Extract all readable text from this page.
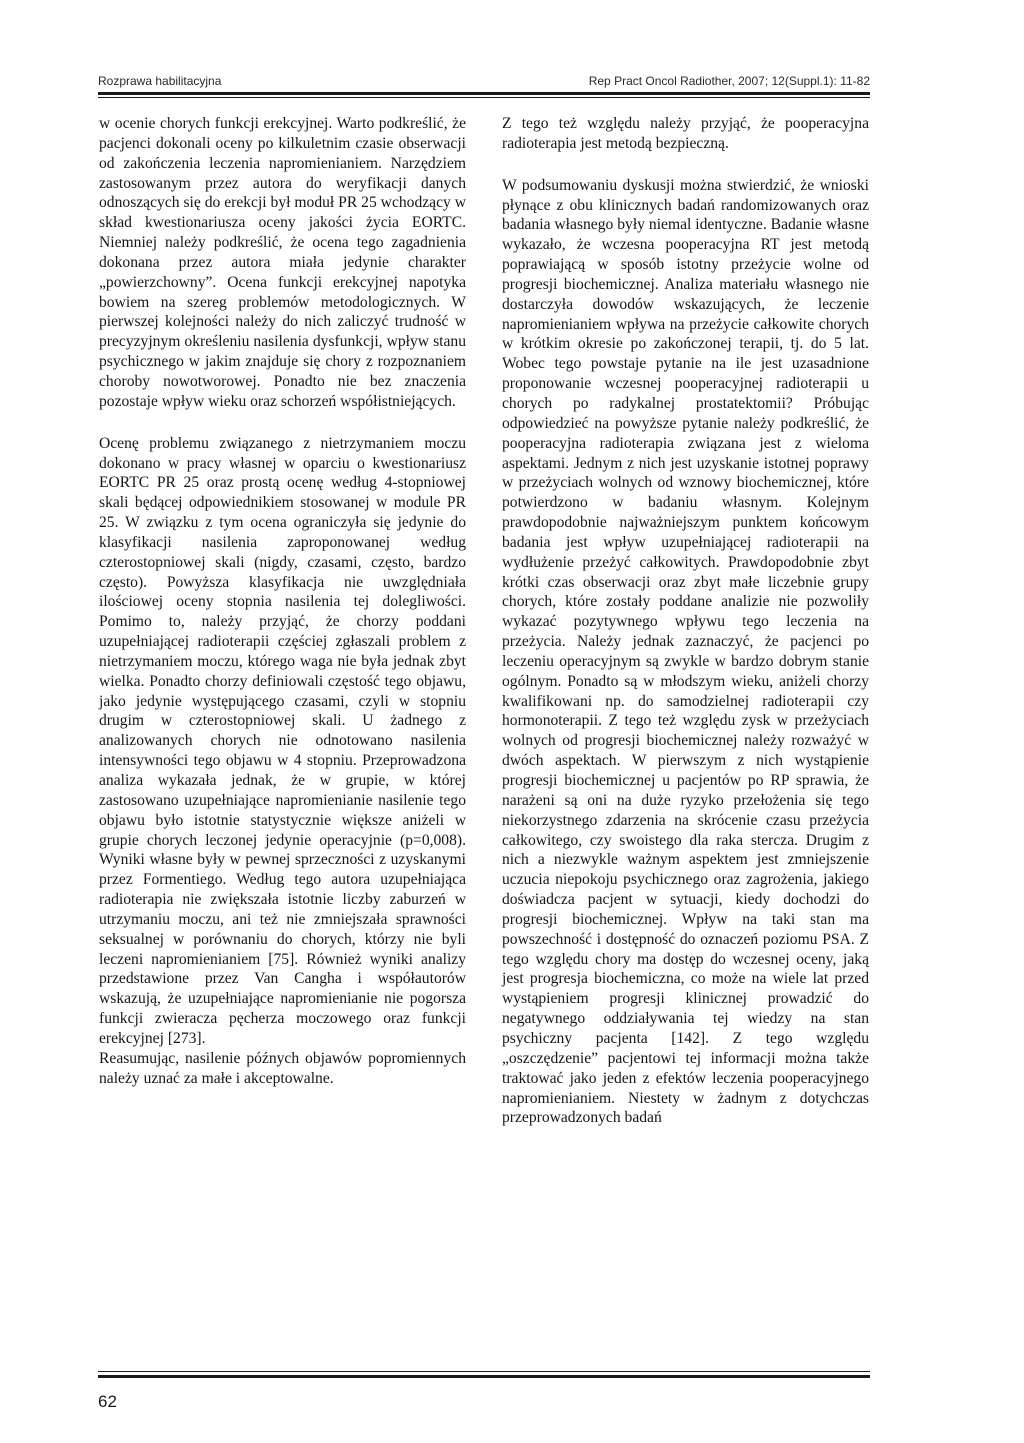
Rozprawa habilitacyjna	Rep Pract Oncol Radiother, 2007; 12(Suppl.1): 11-82

w ocenie chorych funkcji erekcyjnej. Warto podkreślić, że pacjenci dokonali oceny po kilkuletnim czasie obserwacji od zakończenia leczenia napromienianiem. Narzędziem zastosowanym przez autora do weryfikacji danych odnoszących się do erekcji był moduł PR 25 wchodzący w skład kwestionariusza oceny jakości życia EORTC. Niemniej należy podkreślić, że ocena tego zagadnienia dokonana przez autora miała jedynie charakter „powierzchowny”. Ocena funkcji erekcyjnej napotyka bowiem na szereg problemów metodologicznych. W pierwszej kolejności należy do nich zaliczyć trudność w precyzyjnym określeniu nasilenia dysfunkcji, wpływ stanu psychicznego w jakim znajduje się chory z rozpoznaniem choroby nowotworowej. Ponadto nie bez znaczenia pozostaje wpływ wieku oraz schorzeń współistniejących.

Ocenę problemu związanego z nietrzymaniem moczu dokonano w pracy własnej w oparciu o kwestionariusz EORTC PR 25 oraz prostą ocenę według 4-stopniowej skali będącej odpowiednikiem stosowanej w module PR 25. W związku z tym ocena ograniczyła się jedynie do klasyfikacji nasilenia zaproponowanej według czterostopniowej skali (nigdy, czasami, często, bardzo często). Powyższa klasyfikacja nie uwzględniała ilościowej oceny stopnia nasilenia tej dolegliwości. Pomimo to, należy przyjąć, że chorzy poddani uzupełniającej radioterapii częściej zgłaszali problem z nietrzymaniem moczu, którego waga nie była jednak zbyt wielka. Ponadto chorzy definiowali częstość tego objawu, jako jedynie występującego czasami, czyli w stopniu drugim w czterostopniowej skali. U żadnego z analizowanych chorych nie odnotowano nasilenia intensywności tego objawu w 4 stopniu. Przeprowadzona analiza wykazała jednak, że w grupie, w której zastosowano uzupełniające napromienianie nasilenie tego objawu było istotnie statystycznie większe aniżeli w grupie chorych leczonej jedynie operacyjnie (p=0,008). Wyniki własne były w pewnej sprzeczności z uzyskanymi przez Formentiego. Według tego autora uzupełniająca radioterapia nie zwiększała istotnie liczby zaburzeń w utrzymaniu moczu, ani też nie zmniejszała sprawności seksualnej w porównaniu do chorych, którzy nie byli leczeni napromienianiem [75]. Również wyniki analizy przedstawione przez Van Cangha i współautorów wskazują, że uzupełniające napromienianie nie pogorsza funkcji zwieracza pęcherza moczowego oraz funkcji erekcyjnej [273].

Reasumując, nasilenie późnych objawów popromiennych należy uznać za małe i akceptowalne.

Z tego też względu należy przyjąć, że pooperacyjna radioterapia jest metodą bezpieczną.

W podsumowaniu dyskusji można stwierdzić, że wnioski płynące z obu klinicznych badań randomizowanych oraz badania własnego były niemal identyczne. Badanie własne wykazało, że wczesna pooperacyjna RT jest metodą poprawiającą w sposób istotny przeżycie wolne od progresji biochemicznej. Analiza materiału własnego nie dostarczyła dowodów wskazujących, że leczenie napromienianiem wpływa na przeżycie całkowite chorych w krótkim okresie po zakończonej terapii, tj. do 5 lat. Wobec tego powstaje pytanie na ile jest uzasadnione proponowanie wczesnej pooperacyjnej radioterapii u chorych po radykalnej prostatektomii? Próbując odpowiedzieć na powyższe pytanie należy podkreślić, że pooperacyjna radioterapia związana jest z wieloma aspektami. Jednym z nich jest uzyskanie istotnej poprawy w przeżyciach wolnych od wznowy biochemicznej, które potwierdzono w badaniu własnym. Kolejnym prawdopodobnie najważniejszym punktem końcowym badania jest wpływ uzupełniającej radioterapii na wydłużenie przeżyć całkowitych. Prawdopodobnie zbyt krótki czas obserwacji oraz zbyt małe liczebnie grupy chorych, które zostały poddane analizie nie pozwoliły wykazać pozytywnego wpływu tego leczenia na przeżycia. Należy jednak zaznaczyć, że pacjenci po leczeniu operacyjnym są zwykle w bardzo dobrym stanie ogólnym. Ponadto są w młodszym wieku, aniżeli chorzy kwalifikowani np. do samodzielnej radioterapii czy hormonoterapii. Z tego też względu zysk w przeżyciach wolnych od progresji biochemicznej należy rozważyć w dwóch aspektach. W pierwszym z nich wystąpienie progresji biochemicznej u pacjentów po RP sprawia, że narażeni są oni na duże ryzyko przełożenia się tego niekorzystnego zdarzenia na skrócenie czasu przeżycia całkowitego, czy swoistego dla raka stercza. Drugim z nich a niezwykle ważnym aspektem jest zmniejszenie uczucia niepokoju psychicznego oraz zagrożenia, jakiego doświadcza pacjent w sytuacji, kiedy dochodzi do progresji biochemicznej. Wpływ na taki stan ma powszechność i dostępność do oznaczeń poziomu PSA. Z tego względu chory ma dostęp do wczesnej oceny, jaką jest progresja biochemiczna, co może na wiele lat przed wystąpieniem progresji klinicznej prowadzić do negatywnego oddziaływania tej wiedzy na stan psychiczny pacjenta [142]. Z tego względu „oszczędzenie” pacjentowi tej informacji można także traktować jako jeden z efektów leczenia pooperacyjnego napromienianiem. Niestety w żadnym z dotychczas przeprowadzonych badań

62
